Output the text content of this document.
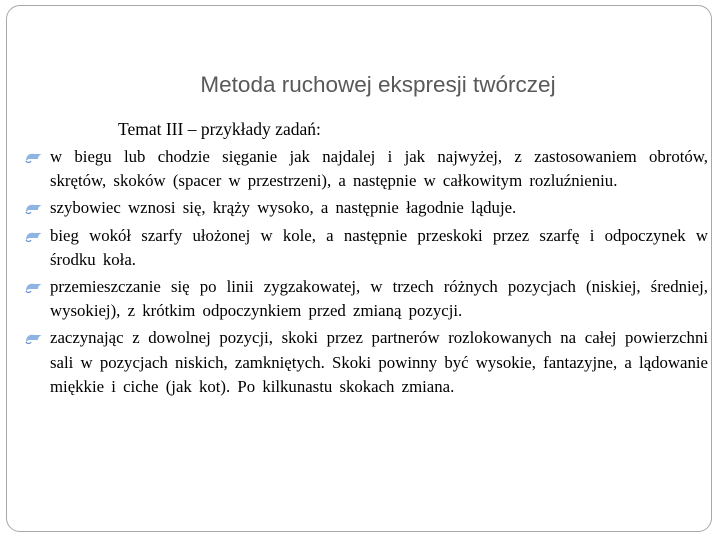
Metoda ruchowej ekspresji twórczej
Temat III – przykłady zadań:
w biegu lub chodzie sięganie jak najdalej i jak najwyżej, z zastosowaniem obrotów, skrętów, skoków (spacer w przestrzeni), a następnie w całkowitym rozluźnieniu.
szybowiec wznosi się, krąży wysoko, a następnie łagodnie ląduje.
bieg wokół szarfy ułożonej w kole, a następnie przeskoki przez szarfę i odpoczynek w środku koła.
przemieszczanie się po linii zygzakowatej, w trzech różnych pozycjach (niskiej, średniej, wysokiej), z krótkim odpoczynkiem przed zmianą pozycji.
zaczynając z dowolnej pozycji, skoki przez partnerów rozlokowanych na całej powierzchni sali w pozycjach niskich, zamkniętych. Skoki powinny być wysokie, fantazyjne, a lądowanie miękkie i ciche (jak kot). Po kilkunastu skokach zmiana.
